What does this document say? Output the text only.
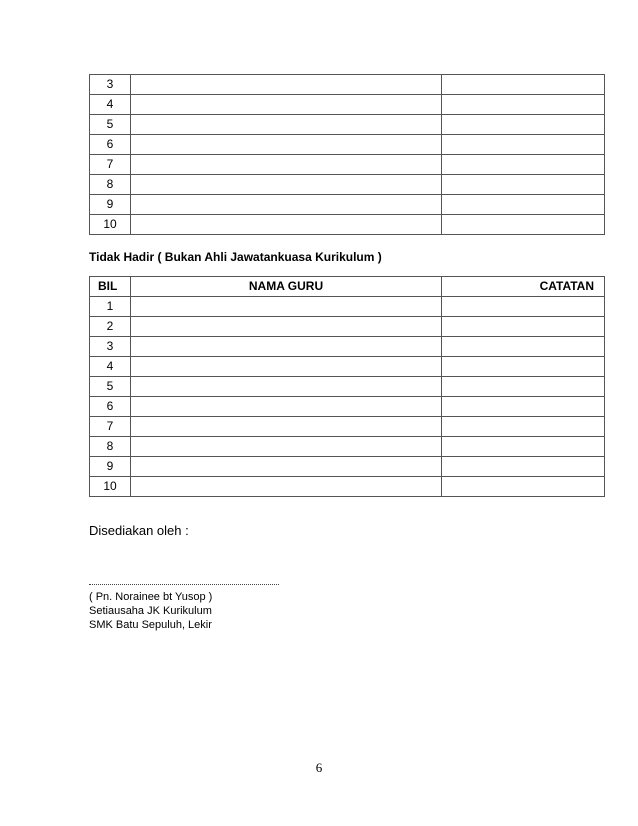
3		
4		
5		
6		
7		
8		
9		
10		
Tidak Hadir ( Bukan Ahli Jawatankuasa Kurikulum )
BIL	NAMA GURU	CATATAN
1		
2		
3		
4		
5		
6		
7		
8		
9		
10		
Disediakan oleh :
( Pn. Norainee bt Yusop )
Setiausaha JK Kurikulum
SMK Batu Sepuluh, Lekir
6
